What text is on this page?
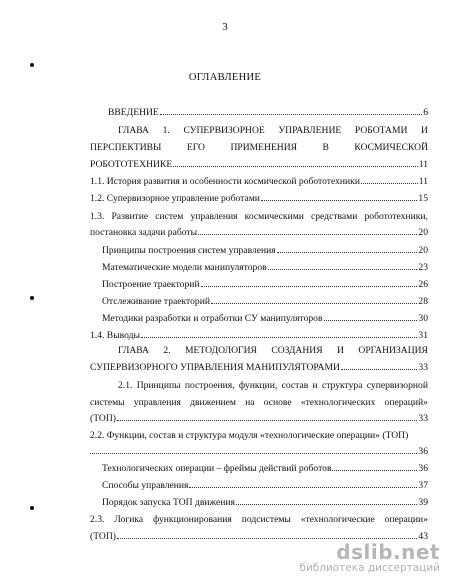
3
ОГЛАВЛЕНИЕ
ВВЕДЕНИЕ	6
ГЛАВА 1. СУПЕРВИЗОРНОЕ УПРАВЛЕНИЕ РОБОТАМИ И
ПЕРСПЕКТИВЫ	ЕГО	ПРИМЕНЕНИЯ	В	КОСМИЧЕСКОЙ
РОБОТОТЕХНИКЕ	11
1.1. История развития и особенности космической робототехники	11
1.2. Супервизорное управление роботами	15
1.3. Развитие систем управления космическими средствами робототехники,
постановка задачи работы	20
Принципы построения систем управления	20
Математические модели манипуляторов	23
Построение траекторий	26
Отслеживание траекторий	28
Методики разработки и отработки СУ манипуляторов	30
1.4. Выводы	31
ГЛАВА 2. МЕТОДОЛОГИЯ СОЗДАНИЯ И ОРГАНИЗАЦИЯ
СУПЕРВИЗОРНОГО УПРАВЛЕНИЯ МАНИПУЛЯТОРАМИ	33
2.1. Принципы построения, функции, состав и структура супервизорной
системы управления движением на основе «технологических операций»
(ТОП)	33
2.2. Функции, состав и структура модуля «технологические операции» (ТОП)
36
Технологических операции – фреймы действий роботов	36
Способы управления	37
Порядок запуска ТОП движения	39
2.3. Логика функционирования подсистемы «технологические операции»
(ТОП)	43
dslib.net
библиотека диссертаций
